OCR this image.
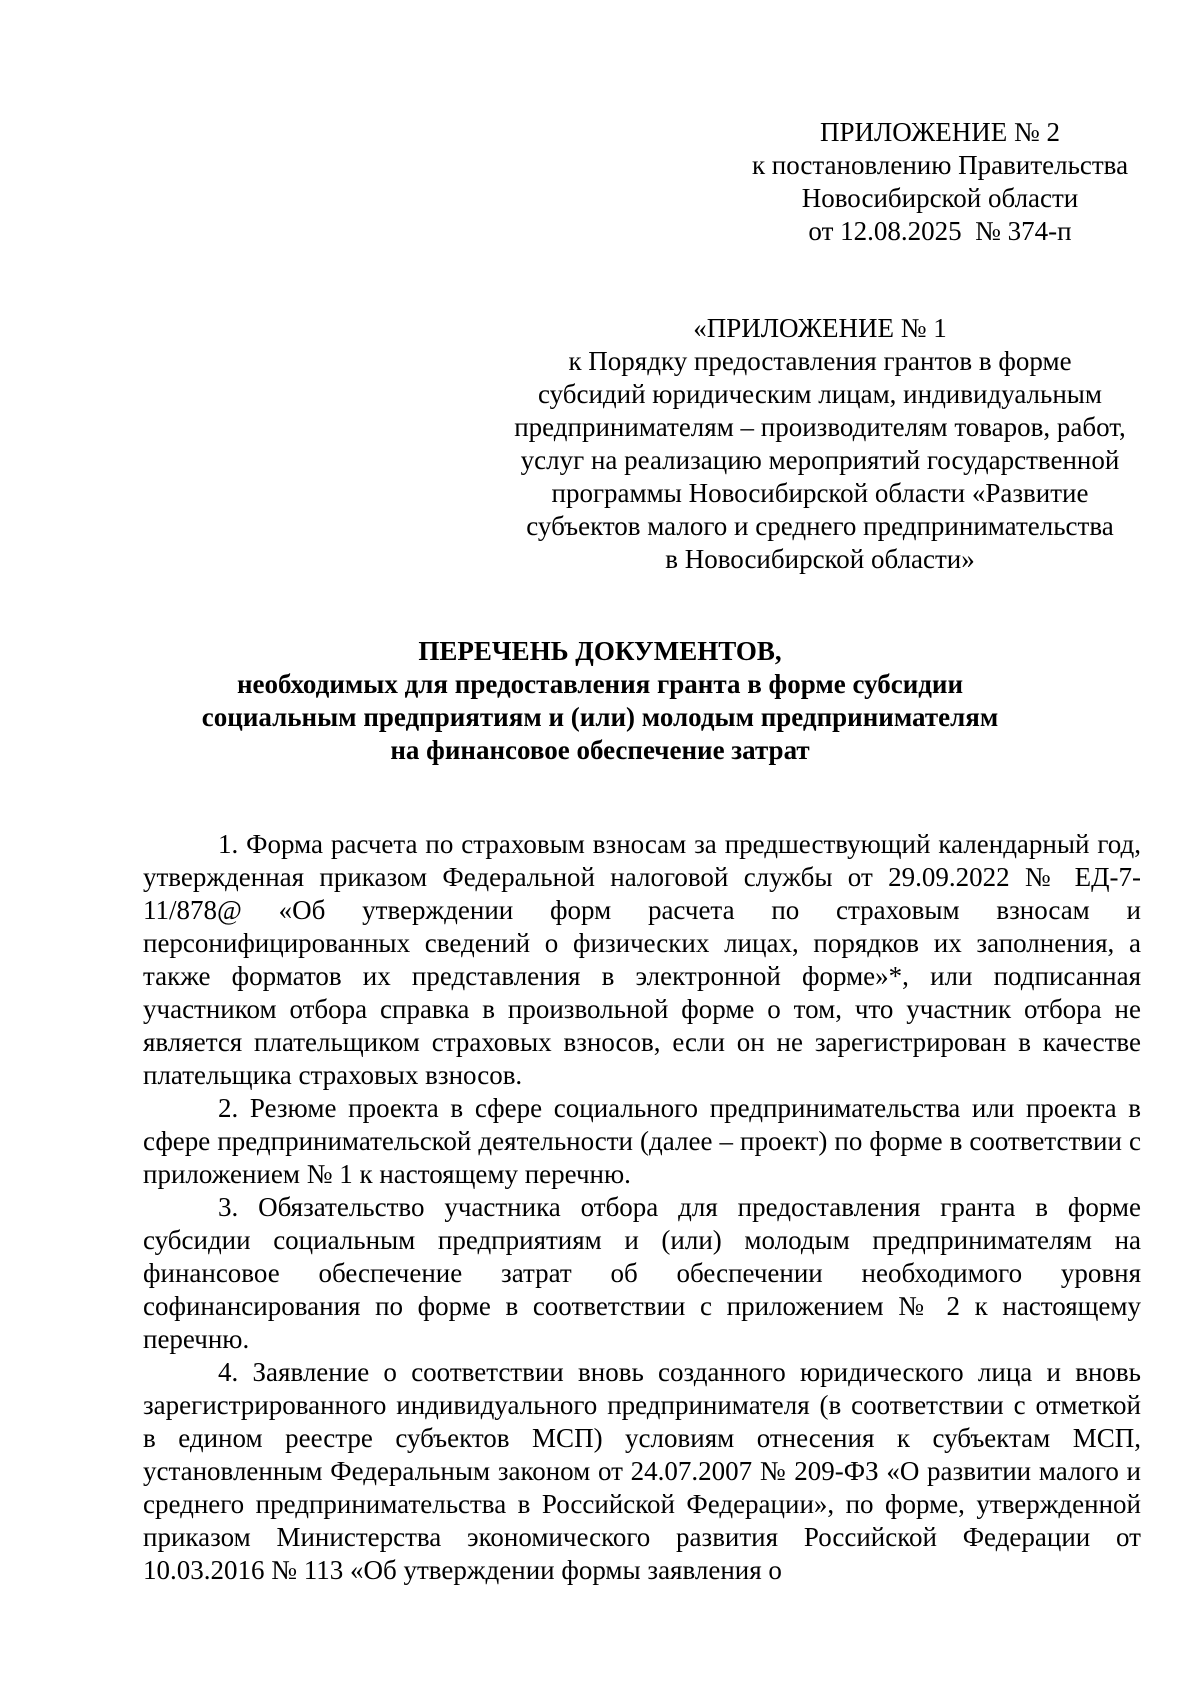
ПРИЛОЖЕНИЕ № 2
к постановлению Правительства
Новосибирской области
от 12.08.2025  № 374-п
«ПРИЛОЖЕНИЕ № 1
к Порядку предоставления грантов в форме
субсидий юридическим лицам, индивидуальным
предпринимателям – производителям товаров, работ,
услуг на реализацию мероприятий государственной
программы Новосибирской области «Развитие
субъектов малого и среднего предпринимательства
в Новосибирской области»
ПЕРЕЧЕНЬ ДОКУМЕНТОВ,
необходимых для предоставления гранта в форме субсидии
социальным предприятиям и (или) молодым предпринимателям
на финансовое обеспечение затрат

1. Форма расчета по страховым взносам за предшествующий календарный год, утвержденная приказом Федеральной налоговой службы от 29.09.2022 № ЕД-7-11/878@ «Об утверждении форм расчета по страховым взносам и персонифицированных сведений о физических лицах, порядков их заполнения, а также форматов их представления в электронной форме»*, или подписанная участником отбора справка в произвольной форме о том, что участник отбора не является плательщиком страховых взносов, если он не зарегистрирован в качестве плательщика страховых взносов.

2. Резюме проекта в сфере социального предпринимательства или проекта в сфере предпринимательской деятельности (далее – проект) по форме в соответствии с приложением № 1 к настоящему перечню.

3. Обязательство участника отбора для предоставления гранта в форме субсидии социальным предприятиям и (или) молодым предпринимателям на финансовое обеспечение затрат об обеспечении необходимого уровня софинансирования по форме в соответствии с приложением № 2 к настоящему перечню.

4. Заявление о соответствии вновь созданного юридического лица и вновь зарегистрированного индивидуального предпринимателя (в соответствии с отметкой в едином реестре субъектов МСП) условиям отнесения к субъектам МСП, установленным Федеральным законом от 24.07.2007 № 209-ФЗ «О развитии малого и среднего предпринимательства в Российской Федерации», по форме, утвержденной приказом Министерства экономического развития Российской Федерации от 10.03.2016 № 113 «Об утверждении формы заявления о
